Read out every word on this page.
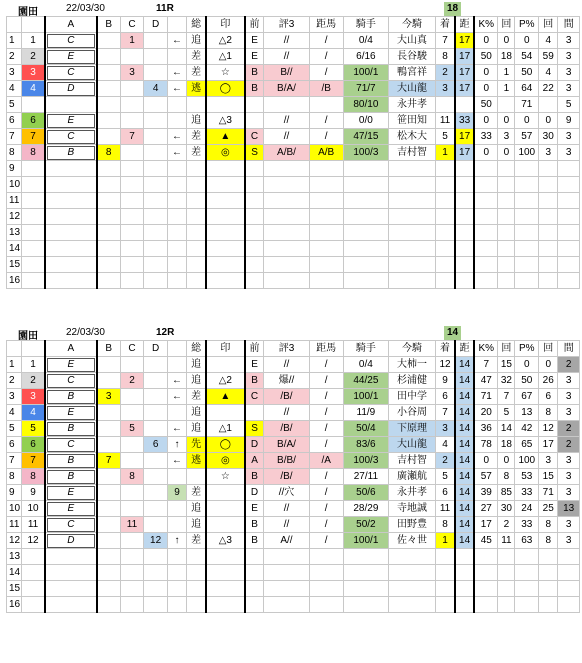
園田	22/03/30	11R	18
		A	B	C	D		総	印	前	評3	距馬	騎手	今騎	着	距	K%	回	P%	回	間
1	1	C		1		←	追	△2	E	//	/	0/4	大山真	7	17	0	0	0	4	3
2	2	E					差	△1	E	//	/	6/16	長谷駿	8	17	50	18	54	59	3
3	3	C		3		←	差	☆	B	B//	/	100/1	鴨宮祥	2	17	0	1	50	4	3
4	4	D			4	←	逃	◯	B	B/A/	/B	71/7	大山龍	3	17	0	1	64	22	3
5												80/10	永井孝			50		71		5
6	6	E					追	△3		//	/	0/0	笹田知	11	33	0	0	0	0	9
7	7	C		7		←	差	▲	C	//	/	47/15	松木大	5	17	33	3	57	30	3
8	8	B	8			←	差	◎	S	A/B/	A/B	100/3	吉村智	1	17	0	0	100	3	3
9																				
10																				
11																				
12																				
13																				
14																				
15																				
16																				
園田	22/03/30	12R	14
		A	B	C	D		総	印	前	評3	距馬	騎手	今騎	着	距	K%	回	P%	回	間
1	1	E					追		E	//	/	0/4	大柿一	12	14	7	15	0	0	2
2	2	C		2		←	追	△2	B	爆//	/	44/25	杉浦健	9	14	47	32	50	26	3
3	3	B	3			←	差	▲	C	/B/	/	100/1	田中学	6	14	71	7	67	6	3
4	4	E					追			//	/	11/9	小谷周	7	14	20	5	13	8	3
5	5	B		5		←	追	△1	S	/B/	/	50/4	下原理	3	14	36	14	42	12	2
6	6	C			6	↑	先	◯	D	B/A/	/	83/6	大山龍	4	14	78	18	65	17	2
7	7	B	7			←	逃	◎	A	B/B/	/A	100/3	吉村智	2	14	0	0	100	3	3
8	8	B		8				☆	B	/B/	/	27/11	廣瀬航	5	14	57	8	53	15	3
9	9	E				9	差		D	//穴	/	50/6	永井孝	6	14	39	85	33	71	3
10	10	E					追		E	//	/	28/29	寺地誠	11	14	27	30	24	25	13
11	11	C		11			追		B	//	/	50/2	田野豊	8	14	17	2	33	8	3
12	12	D			12	↑	差	△3	B	A//	/	100/1	佐々世	1	14	45	11	63	8	3
13																				
14																				
15																				
16																				
